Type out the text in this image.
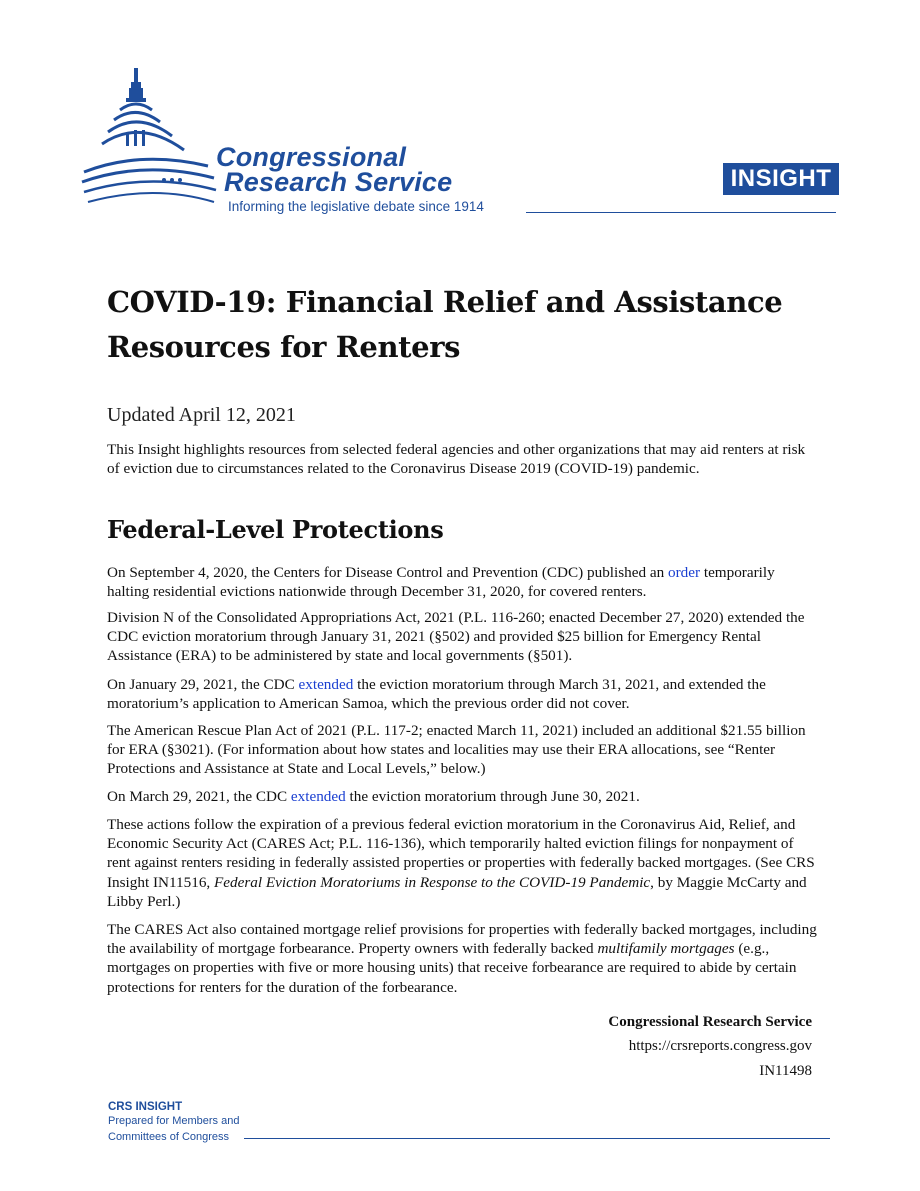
Congressional
Research Service
Informing the legislative debate since 1914
INSIGHT
COVID-19: Financial Relief and Assistance Resources for Renters
Updated April 12, 2021

This Insight highlights resources from selected federal agencies and other organizations that may aid renters at risk of eviction due to circumstances related to the Coronavirus Disease 2019 (COVID-19) pandemic.

Federal-Level Protections

On September 4, 2020, the Centers for Disease Control and Prevention (CDC) published an order temporarily halting residential evictions nationwide through December 31, 2020, for covered renters.

Division N of the Consolidated Appropriations Act, 2021 (P.L. 116-260; enacted December 27, 2020) extended the CDC eviction moratorium through January 31, 2021 (§502) and provided $25 billion for Emergency Rental Assistance (ERA) to be administered by state and local governments (§501).

On January 29, 2021, the CDC extended the eviction moratorium through March 31, 2021, and extended the moratorium’s application to American Samoa, which the previous order did not cover.

The American Rescue Plan Act of 2021 (P.L. 117-2; enacted March 11, 2021) included an additional $21.55 billion for ERA (§3021). (For information about how states and localities may use their ERA allocations, see “Renter Protections and Assistance at State and Local Levels,” below.)

On March 29, 2021, the CDC extended the eviction moratorium through June 30, 2021.

These actions follow the expiration of a previous federal eviction moratorium in the Coronavirus Aid, Relief, and Economic Security Act (CARES Act; P.L. 116-136), which temporarily halted eviction filings for nonpayment of rent against renters residing in federally assisted properties or properties with federally backed mortgages. (See CRS Insight IN11516, Federal Eviction Moratoriums in Response to the COVID-19 Pandemic, by Maggie McCarty and Libby Perl.)

The CARES Act also contained mortgage relief provisions for properties with federally backed mortgages, including the availability of mortgage forbearance. Property owners with federally backed multifamily mortgages (e.g., mortgages on properties with five or more housing units) that receive forbearance are required to abide by certain protections for renters for the duration of the forbearance.

Congressional Research Service
https://crsreports.congress.gov
IN11498
CRS INSIGHT
Prepared for Members and
Committees of Congress
